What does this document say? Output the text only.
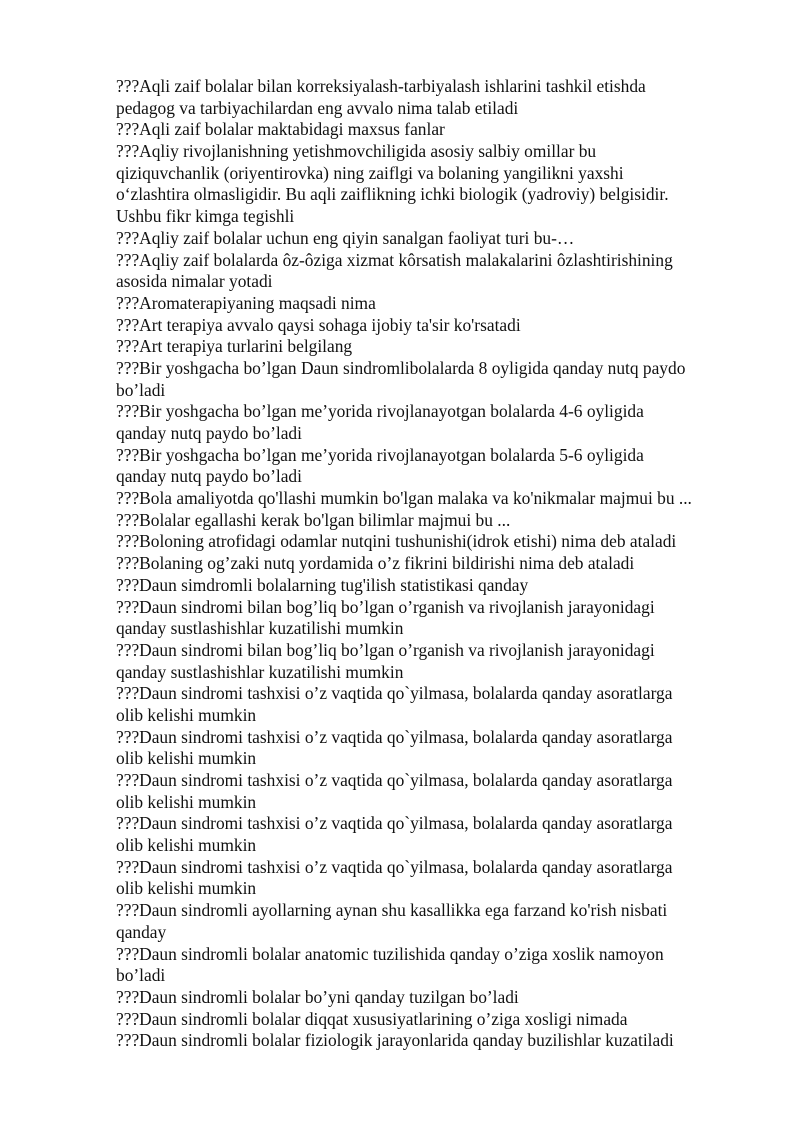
???Aqli zaif bolalar bilan korreksiyalash-tarbiyalash ishlarini tashkil etishda
pedagog va tarbiyachilardan eng avvalo nima talab etiladi
???Aqli zaif bolalar maktabidagi maxsus fanlar
???Aqliy rivojlanishning yetishmovchiligida asosiy salbiy omillar bu
qiziquvchanlik (oriyentirovka) ning zaiflgi va bolaning yangilikni yaxshi
o‘zlashtira olmasligidir. Bu aqli zaiflikning ichki biologik (yadroviy) belgisidir.
Ushbu fikr kimga tegishli
???Aqliy zaif bolalar uchun eng qiyin sanalgan faoliyat turi bu-…
???Aqliy zaif bolalarda ôz-ôziga xizmat kôrsatish malakalarini ôzlashtirishining
asosida nimalar yotadi
???Aromaterapiyaning maqsadi nima
???Art terapiya avvalo qaysi sohaga ijobiy ta'sir ko'rsatadi
???Art terapiya turlarini belgilang
???Bir yoshgacha bo’lgan Daun sindromlibolalarda 8 oyligida qanday nutq paydo
bo’ladi
???Bir yoshgacha bo’lgan me’yorida rivojlanayotgan bolalarda 4-6 oyligida
qanday nutq paydo bo’ladi
???Bir yoshgacha bo’lgan me’yorida rivojlanayotgan bolalarda 5-6 oyligida
qanday nutq paydo bo’ladi
???Bola amaliyotda qo'llashi mumkin bo'lgan malaka va ko'nikmalar majmui bu ...
???Bolalar egallashi kerak bo'lgan bilimlar majmui bu ...
???Boloning atrofidagi odamlar nutqini tushunishi(idrok etishi) nima deb ataladi
???Bolaning og’zaki nutq yordamida o’z fikrini bildirishi nima deb ataladi
???Daun simdromli bolalarning tug'ilish statistikasi qanday
???Daun sindromi bilan bog’liq bo’lgan o’rganish va rivojlanish jarayonidagi
qanday sustlashishlar kuzatilishi mumkin
???Daun sindromi bilan bog’liq bo’lgan o’rganish va rivojlanish jarayonidagi
qanday sustlashishlar kuzatilishi mumkin
???Daun sindromi tashxisi o’z vaqtida qo`yilmasa, bolalarda qanday asoratlarga
olib kelishi mumkin
???Daun sindromi tashxisi o’z vaqtida qo`yilmasa, bolalarda qanday asoratlarga
olib kelishi mumkin
???Daun sindromi tashxisi o’z vaqtida qo`yilmasa, bolalarda qanday asoratlarga
olib kelishi mumkin
???Daun sindromi tashxisi o’z vaqtida qo`yilmasa, bolalarda qanday asoratlarga
olib kelishi mumkin
???Daun sindromi tashxisi o’z vaqtida qo`yilmasa, bolalarda qanday asoratlarga
olib kelishi mumkin
???Daun sindromli ayollarning aynan shu kasallikka ega farzand ko'rish nisbati
qanday
???Daun sindromli bolalar anatomic tuzilishida qanday o’ziga xoslik namoyon
bo’ladi
???Daun sindromli bolalar bo’yni qanday tuzilgan bo’ladi
???Daun sindromli bolalar diqqat xususiyatlarining o’ziga xosligi nimada
???Daun sindromli bolalar fiziologik jarayonlarida qanday buzilishlar kuzatiladi
